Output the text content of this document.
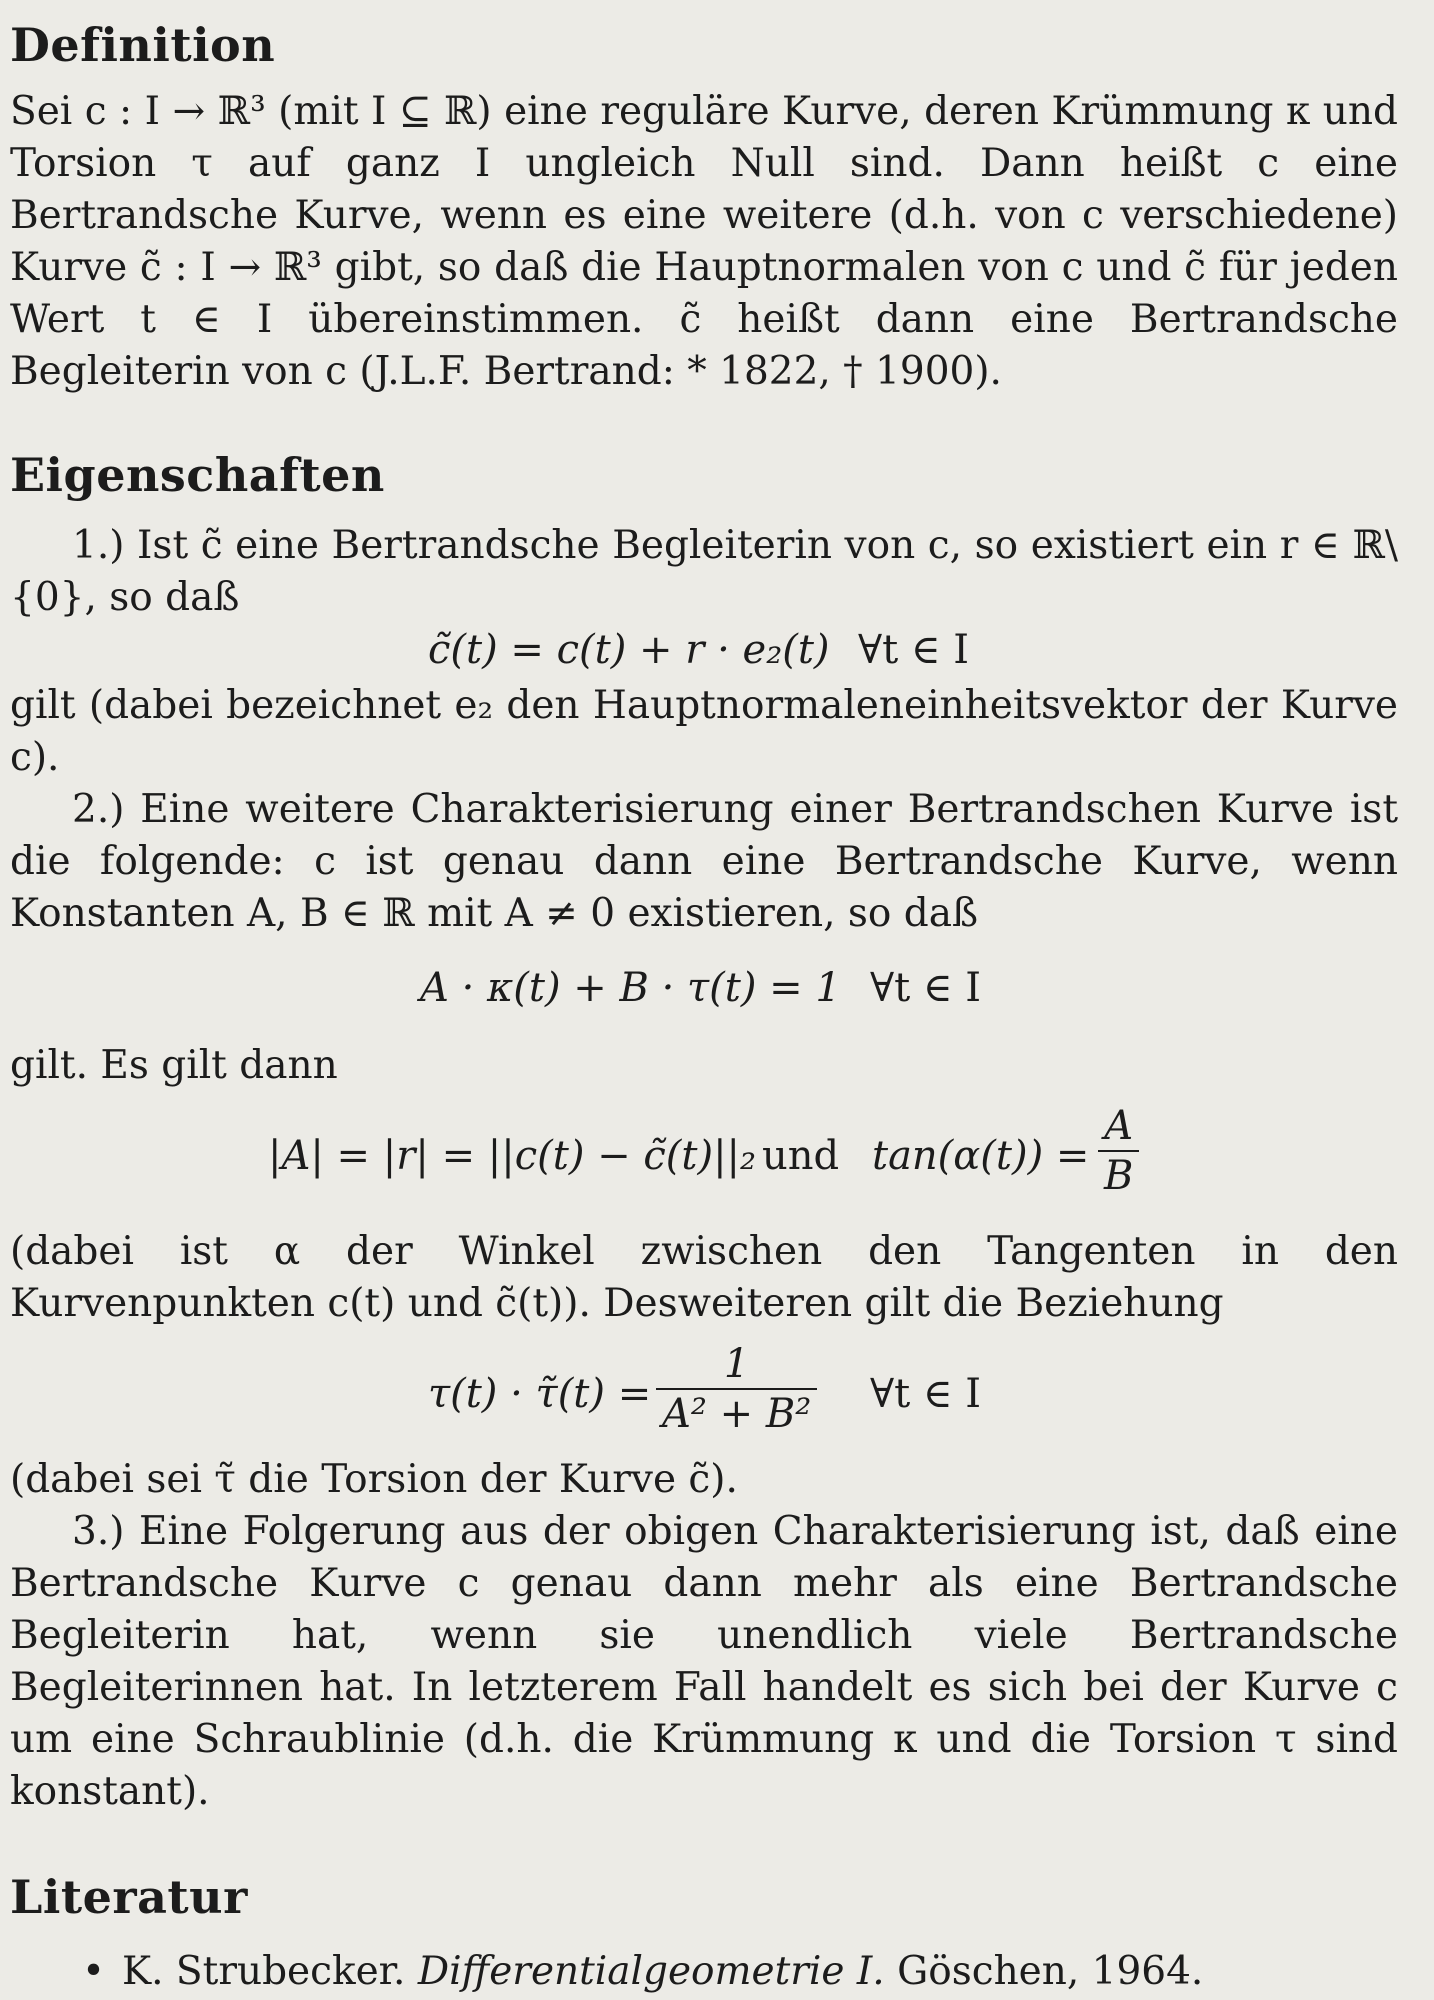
Definition

Sei c : I → ℝ³ (mit I ⊆ ℝ) eine reguläre Kurve, deren Krümmung κ und Torsion τ auf ganz I ungleich Null sind. Dann heißt c eine Bertrandsche Kurve, wenn es eine weitere (d.h. von c verschiedene) Kurve c̃ : I → ℝ³ gibt, so daß die Hauptnormalen von c und c̃ für jeden Wert t ∈ I übereinstimmen. c̃ heißt dann eine Bertrandsche Begleiterin von c (J.L.F. Bertrand: * 1822, † 1900).

Eigenschaften

1.) Ist c̃ eine Bertrandsche Begleiterin von c, so existiert ein r ∈ ℝ\{0}, so daß

c̃(t) = c(t) + r · e₂(t) ∀t ∈ I

gilt (dabei bezeichnet e₂ den Hauptnormaleneinheitsvektor der Kurve c).

2.) Eine weitere Charakterisierung einer Bertrandschen Kurve ist die folgende: c ist genau dann eine Bertrandsche Kurve, wenn Konstanten A, B ∈ ℝ mit A ≠ 0 existieren, so daß

A · κ(t) + B · τ(t) = 1 ∀t ∈ I

gilt. Es gilt dann

|A| = |r| = ||c(t) − c̃(t)||₂ und $\tan(\alpha(t)) = \frac{A}{B}$

(dabei ist α der Winkel zwischen den Tangenten in den Kurvenpunkten c(t) und c̃(t)). Desweiteren gilt die Beziehung

τ(t) · τ̃(t) = $\frac{1}{\text{A² + B²}}$ ∀t ∈ I

(dabei sei τ̃ die Torsion der Kurve c̃).

3.) Eine Folgerung aus der obigen Charakterisierung ist, daß eine Bertrandsche Kurve c genau dann mehr als eine Bertrandsche Begleiterin hat, wenn sie unendlich viele Bertrandsche Begleiterinnen hat. In letzterem Fall handelt es sich bei der Kurve c um eine Schraublinie (d.h. die Krümmung κ und die Torsion τ sind konstant).

Literatur
• K. Strubecker. Differentialgeometrie I. Göschen, 1964.
